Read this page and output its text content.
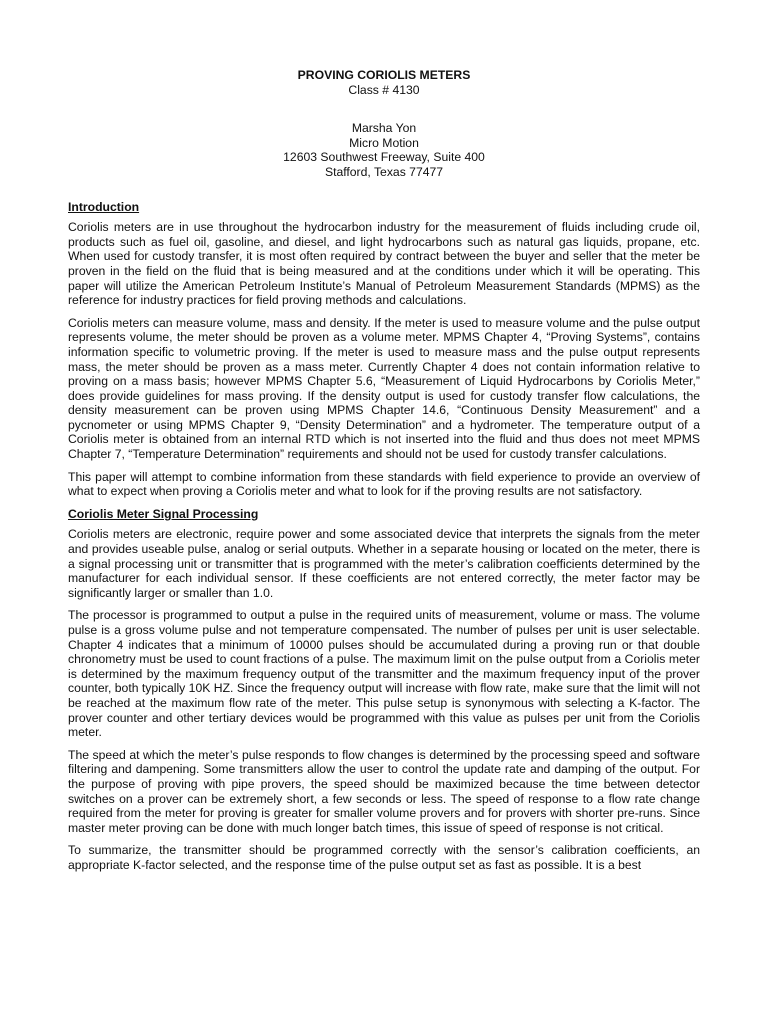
PROVING CORIOLIS METERS
Class # 4130
Marsha Yon
Micro Motion
12603 Southwest Freeway, Suite 400
Stafford, Texas 77477
Introduction

Coriolis meters are in use throughout the hydrocarbon industry for the measurement of fluids including crude oil, products such as fuel oil, gasoline, and diesel, and light hydrocarbons such as natural gas liquids, propane, etc. When used for custody transfer, it is most often required by contract between the buyer and seller that the meter be proven in the field on the fluid that is being measured and at the conditions under which it will be operating. This paper will utilize the American Petroleum Institute’s Manual of Petroleum Measurement Standards (MPMS) as the reference for industry practices for field proving methods and calculations.

Coriolis meters can measure volume, mass and density. If the meter is used to measure volume and the pulse output represents volume, the meter should be proven as a volume meter. MPMS Chapter 4, “Proving Systems”, contains information specific to volumetric proving. If the meter is used to measure mass and the pulse output represents mass, the meter should be proven as a mass meter. Currently Chapter 4 does not contain information relative to proving on a mass basis; however MPMS Chapter 5.6, “Measurement of Liquid Hydrocarbons by Coriolis Meter,” does provide guidelines for mass proving. If the density output is used for custody transfer flow calculations, the density measurement can be proven using MPMS Chapter 14.6, “Continuous Density Measurement” and a pycnometer or using MPMS Chapter 9, “Density Determination” and a hydrometer. The temperature output of a Coriolis meter is obtained from an internal RTD which is not inserted into the fluid and thus does not meet MPMS Chapter 7, “Temperature Determination” requirements and should not be used for custody transfer calculations.

This paper will attempt to combine information from these standards with field experience to provide an overview of what to expect when proving a Coriolis meter and what to look for if the proving results are not satisfactory.

Coriolis Meter Signal Processing

Coriolis meters are electronic, require power and some associated device that interprets the signals from the meter and provides useable pulse, analog or serial outputs. Whether in a separate housing or located on the meter, there is a signal processing unit or transmitter that is programmed with the meter’s calibration coefficients determined by the manufacturer for each individual sensor. If these coefficients are not entered correctly, the meter factor may be significantly larger or smaller than 1.0.

The processor is programmed to output a pulse in the required units of measurement, volume or mass. The volume pulse is a gross volume pulse and not temperature compensated. The number of pulses per unit is user selectable. Chapter 4 indicates that a minimum of 10000 pulses should be accumulated during a proving run or that double chronometry must be used to count fractions of a pulse. The maximum limit on the pulse output from a Coriolis meter is determined by the maximum frequency output of the transmitter and the maximum frequency input of the prover counter, both typically 10K HZ. Since the frequency output will increase with flow rate, make sure that the limit will not be reached at the maximum flow rate of the meter. This pulse setup is synonymous with selecting a K-factor. The prover counter and other tertiary devices would be programmed with this value as pulses per unit from the Coriolis meter.

The speed at which the meter’s pulse responds to flow changes is determined by the processing speed and software filtering and dampening. Some transmitters allow the user to control the update rate and damping of the output. For the purpose of proving with pipe provers, the speed should be maximized because the time between detector switches on a prover can be extremely short, a few seconds or less. The speed of response to a flow rate change required from the meter for proving is greater for smaller volume provers and for provers with shorter pre-runs. Since master meter proving can be done with much longer batch times, this issue of speed of response is not critical.

To summarize, the transmitter should be programmed correctly with the sensor’s calibration coefficients, an appropriate K-factor selected, and the response time of the pulse output set as fast as possible. It is a best
